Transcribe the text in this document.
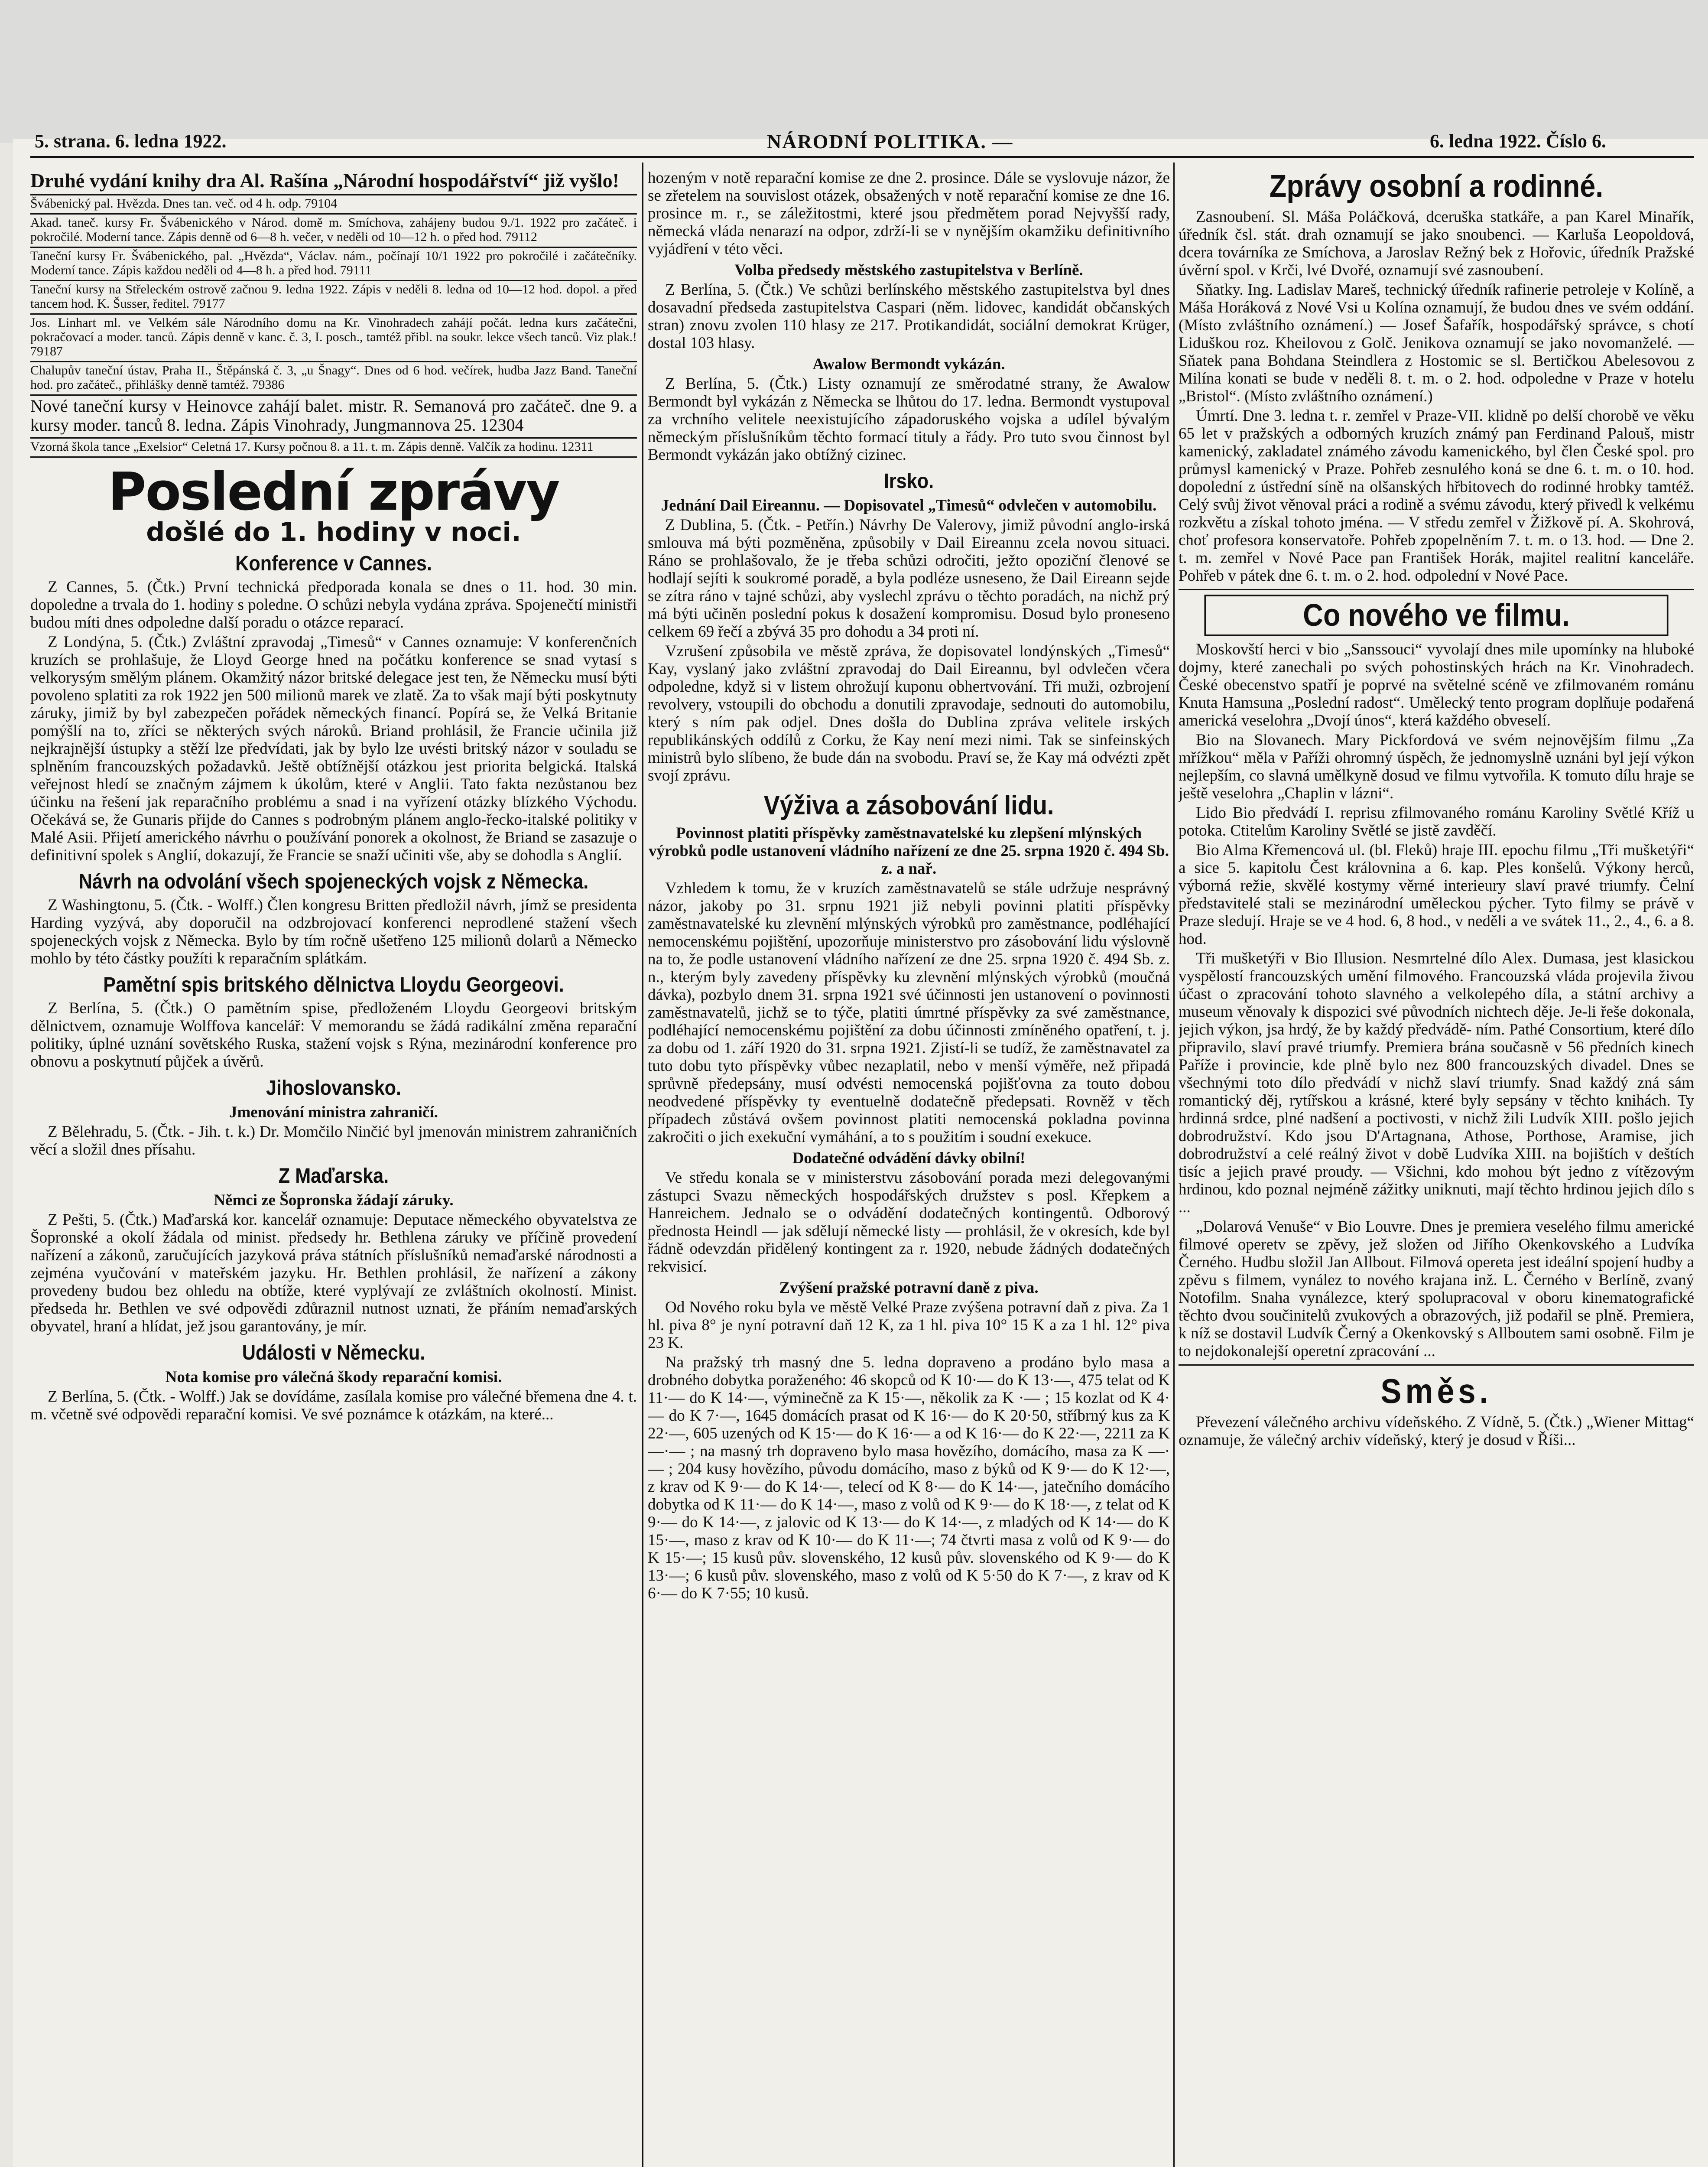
5. strana. 6. ledna 1922.	NÁRODNÍ POLITIKA. —	6. ledna 1922. Číslo 6.

Druhé vydání knihy dra Al. Rašína „Národní hospodářství“ již vyšlo!

Švábenický pal. Hvězda. Dnes tan. več. od 4 h. odp. 79104

Akad. taneč. kursy Fr. Švábenického v Národ. domě m. Smíchova, zahájeny budou 9./1. 1922 pro začáteč. i pokročilé. Moderní tance. Zápis denně od 6—8 h. večer, v neděli od 10—12 h. o před hod. 79112

Taneční kursy Fr. Švábenického, pal. „Hvězda“, Václav. nám., počínají 10/1 1922 pro pokročilé i začátečníky. Moderní tance. Zápis každou neděli od 4—8 h. a před hod. 79111

Taneční kursy na Střeleckém ostrově začnou 9. ledna 1922. Zápis v neděli 8. ledna od 10—12 hod. dopol. a před tancem hod. K. Šusser, ředitel. 79177

Jos. Linhart ml. ve Velkém sále Národního domu na Kr. Vinohradech zahájí počát. ledna kurs začátečni, pokračovací a moder. tanců. Zápis denně v kanc. č. 3, I. posch., tamtéž přibl. na soukr. lekce všech tanců. Viz plak.! 79187

Chalupův taneční ústav, Praha II., Štěpánská č. 3, „u Šnagy“. Dnes od 6 hod. večírek, hudba Jazz Band. Taneční hod. pro začáteč., přihlášky denně tamtéž. 79386

Nové taneční kursy v Heinovce zahájí balet. mistr. R. Semanová pro začáteč. dne 9. a kursy moder. tanců 8. ledna. Zápis Vinohrady, Jungmannova 25. 12304

Vzorná škola tance „Exelsior“ Celetná 17. Kursy počnou 8. a 11. t. m. Zápis denně. Valčík za hodinu. 12311

Poslední zprávy
došlé do 1. hodiny v noci.
Konference v Cannes.

Z Cannes, 5. (Čtk.) První technická předporada konala se dnes o 11. hod. 30 min. dopoledne a trvala do 1. hodiny s poledne. O schůzi nebyla vydána zpráva. Spojenečtí ministři budou míti dnes odpoledne další poradu o otázce reparací.

Z Londýna, 5. (Čtk.) Zvláštní zpravodaj „Timesů“ v Cannes oznamuje: V konferenčních kruzích se prohlašuje, že Lloyd George hned na počátku konference se snad vytasí s velkorysým smělým plánem. Okamžitý názor britské delegace jest ten, že Německu musí býti povoleno splatiti za rok 1922 jen 500 milionů marek ve zlatě. Za to však mají býti poskytnuty záruky, jimiž by byl zabezpečen pořádek německých financí. Popírá se, že Velká Britanie pomýšlí na to, zříci se některých svých nároků. Briand prohlásil, že Francie učinila již nejkrajnější ústupky a stěží lze předvídati, jak by bylo lze uvésti britský názor v souladu se splněním francouzských požadavků. Ještě obtížnější otázkou jest priorita belgická. Italská veřejnost hledí se značným zájmem k úkolům, které v Anglii. Tato fakta nezůstanou bez účinku na řešení jak reparačního problému a snad i na vyřízení otázky blízkého Východu. Očekává se, že Gunaris přijde do Cannes s podrobným plánem anglo-řecko-italské politiky v Malé Asii. Přijetí amerického návrhu o používání ponorek a okolnost, že Briand se zasazuje o definitivní spolek s Anglií, dokazují, že Francie se snaží učiniti vše, aby se dohodla s Anglií.

Návrh na odvolání všech spojeneckých vojsk z Německa.

Z Washingtonu, 5. (Čtk. - Wolff.) Člen kongresu Britten předložil návrh, jímž se presidenta Harding vyzývá, aby doporučil na odzbrojovací konferenci neprodlené stažení všech spojeneckých vojsk z Německa. Bylo by tím ročně ušetřeno 125 milionů dolarů a Německo mohlo by této částky použíti k reparačním splátkám.

Pamětní spis britského dělnictva Lloydu Georgeovi.

Z Berlína, 5. (Čtk.) O pamětním spise, předloženém Lloydu Georgeovi britským dělnictvem, oznamuje Wolffova kancelář: V memorandu se žádá radikální změna reparační politiky, úplné uznání sovětského Ruska, stažení vojsk s Rýna, mezinárodní konference pro obnovu a poskytnutí půjček a úvěrů.

Jihoslovansko.
Jmenování ministra zahraničí.

Z Bělehradu, 5. (Čtk. - Jih. t. k.) Dr. Momčilo Ninčić byl jmenován ministrem zahraničních věcí a složil dnes přísahu.

Z Maďarska.
Němci ze Šopronska žádají záruky.

Z Pešti, 5. (Čtk.) Maďarská kor. kancelář oznamuje: Deputace německého obyvatelstva ze Šopronské a okolí žádala od minist. předsedy hr. Bethlena záruky ve příčině provedení nařízení a zákonů, zaručujících jazyková práva státních příslušníků nemaďarské národnosti a zejména vyučování v mateřském jazyku. Hr. Bethlen prohlásil, že nařízení a zákony provedeny budou bez ohledu na obtíže, které vyplývají ze zvláštních okolností. Minist. předseda hr. Bethlen ve své odpovědi zdůraznil nutnost uznati, že přáním nemaďarských obyvatel, hraní a hlídat, jež jsou garantovány, je mír.

Události v Německu.
Nota komise pro válečná škody reparační komisi.

Z Berlína, 5. (Čtk. - Wolff.) Jak se dovídáme, zasílala komise pro válečné břemena dne 4. t. m. včetně své odpovědi reparační komisi. Ve své poznámce k otázkám, na které...

hozeným v notě reparační komise ze dne 2. prosince. Dále se vyslovuje názor, že se zřetelem na souvislost otázek, obsažených v notě reparační komise ze dne 16. prosince m. r., se záležitostmi, které jsou předmětem porad Nejvyšší rady, německá vláda nenarazí na odpor, zdrží-li se v nynějším okamžiku definitivního vyjádření v této věci.

Volba předsedy městského zastupitelstva v Berlíně.

Z Berlína, 5. (Čtk.) Ve schůzi berlínského městského zastupitelstva byl dnes dosavadní předseda zastupitelstva Caspari (něm. lidovec, kandidát občanských stran) znovu zvolen 110 hlasy ze 217. Protikandidát, sociální demokrat Krüger, dostal 103 hlasy.

Awalow Bermondt vykázán.

Z Berlína, 5. (Čtk.) Listy oznamují ze směrodatné strany, že Awalow Bermondt byl vykázán z Německa se lhůtou do 17. ledna. Bermondt vystupoval za vrchního velitele neexistujícího západoruského vojska a udílel bývalým německým příslušníkům těchto formací tituly a řády. Pro tuto svou činnost byl Bermondt vykázán jako obtížný cizinec.

Irsko.
Jednání Dail Eireannu. — Dopisovatel „Timesů“ odvlečen v automobilu.

Z Dublina, 5. (Čtk. - Petřín.) Návrhy De Valerovy, jimiž původní anglo-irská smlouva má býti pozměněna, způsobily v Dail Eireannu zcela novou situaci. Ráno se prohlašovalo, že je třeba schůzi odročiti, ježto opoziční členové se hodlají sejíti k soukromé poradě, a byla podléze usneseno, že Dail Eireann sejde se zítra ráno v tajné schůzi, aby vyslechl zprávu o těchto poradách, na nichž prý má býti učiněn poslední pokus k dosažení kompromisu. Dosud bylo proneseno celkem 69 řečí a zbývá 35 pro dohodu a 34 proti ní.

Vzrušení způsobila ve městě zpráva, že dopisovatel londýnských „Timesů“ Kay, vyslaný jako zvláštní zpravodaj do Dail Eireannu, byl odvlečen včera odpoledne, když si v listem ohrožují kuponu obhertvování. Tři muži, ozbrojení revolvery, vstoupili do obchodu a donutili zpravodaje, sednouti do automobilu, který s ním pak odjel. Dnes došla do Dublina zpráva velitele irských republikánských oddílů z Corku, že Kay není mezi nimi. Tak se sinfeinských ministrů bylo slíbeno, že bude dán na svobodu. Praví se, že Kay má odvézti zpět svojí zprávu.

Výživa a zásobování lidu.
Povinnost platiti příspěvky zaměstnavatelské ku zlepšení mlýnských výrobků podle ustanovení vládního nařízení ze dne 25. srpna 1920 č. 494 Sb. z. a nař.

Vzhledem k tomu, že v kruzích zaměstnavatelů se stále udržuje nesprávný názor, jakoby po 31. srpnu 1921 již nebyli povinni platiti příspěvky zaměstnavatelské ku zlevnění mlýnských výrobků pro zaměstnance, podléhající nemocenskému pojištění, upozorňuje ministerstvo pro zásobování lidu výslovně na to, že podle ustanovení vládního nařízení ze dne 25. srpna 1920 č. 494 Sb. z. n., kterým byly zavedeny příspěvky ku zlevnění mlýnských výrobků (moučná dávka), pozbylo dnem 31. srpna 1921 své účinnosti jen ustanovení o povinnosti zaměstnavatelů, jichž se to týče, platiti úmrtné příspěvky za své zaměstnance, podléhající nemocenskému pojištění za dobu účinnosti zmíněného opatření, t. j. za dobu od 1. září 1920 do 31. srpna 1921. Zjistí-li se tudíž, že zaměstnavatel za tuto dobu tyto příspěvky vůbec nezaplatil, nebo v menší výměře, než připadá sprůvně předepsány, musí odvésti nemocenská pojišťovna za touto dobou neodvedené příspěvky ty eventuelně dodatečně předepsati. Rovněž v těch případech zůstává ovšem povinnost platiti nemocenská pokladna povinna zakročiti o jich exekuční vymáhání, a to s použitím i soudní exekuce.

Dodatečné odvádění dávky obilní!

Ve středu konala se v ministerstvu zásobování porada mezi delegovanými zástupci Svazu německých hospodářských družstev s posl. Křepkem a Hanreichem. Jednalo se o odvádění dodatečných kontingentů. Odborový přednosta Heindl — jak sdělují německé listy — prohlásil, že v okresích, kde byl řádně odevzdán přidělený kontingent za r. 1920, nebude žádných dodatečných rekvisicí.

Zvýšení pražské potravní daně z piva.

Od Nového roku byla ve městě Velké Praze zvýšena potravní daň z piva. Za 1 hl. piva 8° je nyní potravní daň 12 K, za 1 hl. piva 10° 15 K a za 1 hl. 12° piva 23 K.

Na pražský trh masný dne 5. ledna dopraveno a prodáno bylo masa a drobného dobytka poraženého: 46 skopců od K 10·— do K 13·—, 475 telat od K 11·— do K 14·—, výminečně za K 15·—, několik za K ·— ; 15 kozlat od K 4·— do K 7·—, 1645 domácích prasat od K 16·— do K 20·50, stříbrný kus za K 22·—, 605 uzených od K 15·— do K 16·— a od K 16·— do K 22·—, 2211 za K —·— ; na masný trh dopraveno bylo masa hovězího, domácího, masa za K —·— ; 204 kusy hovězího, původu domácího, maso z býků od K 9·— do K 12·—, z krav od K 9·— do K 14·—, telecí od K 8·— do K 14·—, jatečního domácího dobytka od K 11·— do K 14·—, maso z volů od K 9·— do K 18·—, z telat od K 9·— do K 14·—, z jalovic od K 13·— do K 14·—, z mladých od K 14·— do K 15·—, maso z krav od K 10·— do K 11·—; 74 čtvrti masa z volů od K 9·— do K 15·—; 15 kusů pův. slovenského, 12 kusů pův. slovenského od K 9·— do K 13·—; 6 kusů pův. slovenského, maso z volů od K 5·50 do K 7·—, z krav od K 6·— do K 7·55; 10 kusů.

Zprávy osobní a rodinné.

Zasnoubení. Sl. Máša Poláčková, dceruška statkáře, a pan Karel Minařík, úředník čsl. stát. drah oznamují se jako snoubenci. — Karluša Leopoldová, dcera továrníka ze Smíchova, a Jaroslav Režný bek z Hořovic, úředník Pražské úvěrní spol. v Krči, lvé Dvořé, oznamují své zasnoubení.

Sňatky. Ing. Ladislav Mareš, technický úředník rafinerie petroleje v Kolíně, a Máša Horáková z Nové Vsi u Kolína oznamují, že budou dnes ve svém oddání. (Místo zvláštního oznámení.) — Josef Šafařík, hospodářský správce, s chotí Liduškou roz. Kheilovou z Golč. Jenikova oznamují se jako novomanželé. — Sňatek pana Bohdana Steindlera z Hostomic se sl. Bertičkou Abelesovou z Milína konati se bude v neděli 8. t. m. o 2. hod. odpoledne v Praze v hotelu „Bristol“. (Místo zvláštního oznámení.)

Úmrtí. Dne 3. ledna t. r. zemřel v Praze-VII. klidně po delší chorobě ve věku 65 let v pražských a odborných kruzích známý pan Ferdinand Palouš, mistr kamenický, zakladatel známého závodu kamenického, byl člen České spol. pro průmysl kamenický v Praze. Pohřeb zesnulého koná se dne 6. t. m. o 10. hod. dopolední z ústřední síně na olšanských hřbitovech do rodinné hrobky tamtéž. Celý svůj život věnoval práci a rodině a svému závodu, který přivedl k velkému rozkvětu a získal tohoto jména. — V středu zemřel v Žižkově pí. A. Skohrová, choť profesora konservatoře. Pohřeb zpopelněním 7. t. m. o 13. hod. — Dne 2. t. m. zemřel v Nové Pace pan František Horák, majitel realitní kanceláře. Pohřeb v pátek dne 6. t. m. o 2. hod. odpolední v Nové Pace.

Co nového ve filmu.

Moskovští herci v bio „Sanssouci“ vyvolají dnes mile upomínky na hluboké dojmy, které zanechali po svých pohostinských hrách na Kr. Vinohradech. České obecenstvo spatří je poprvé na světelné scéně ve zfilmovaném románu Knuta Hamsuna „Poslední radost“. Umělecký tento program doplňuje podařená americká veselohra „Dvojí únos“, která každého obveselí.

Bio na Slovanech. Mary Pickfordová ve svém nejnovějším filmu „Za mřížkou“ měla v Paříži ohromný úspěch, že jednomyslně uznáni byl její výkon nejlepším, co slavná umělkyně dosud ve filmu vytvořila. K tomuto dílu hraje se ještě veselohra „Chaplin v lázni“.

Lido Bio předvádí I. reprisu zfilmovaného románu Karoliny Světlé Kříž u potoka. Ctitelům Karoliny Světlé se jistě zavděčí.

Bio Alma Křemencová ul. (bl. Fleků) hraje III. epochu filmu „Tři mušketýři“ a sice 5. kapitolu Čest královnina a 6. kap. Ples konšelů. Výkony herců, výborná režie, skvělé kostymy věrné interieury slaví pravé triumfy. Čelní představitelé stali se mezinárodní uměleckou pýcher. Tyto filmy se právě v Praze sledují. Hraje se ve 4 hod. 6, 8 hod., v neděli a ve svátek 11., 2., 4., 6. a 8. hod.

Tři mušketýři v Bio Illusion. Nesmrtelné dílo Alex. Dumasa, jest klasickou vyspělostí francouzských umění filmového. Francouzská vláda projevila živou účast o zpracování tohoto slavného a velkolepého díla, a státní archivy a museum věnovaly k dispozici své původních nichtech děje. Je-li řeše dokonala, jejich výkon, jsa hrdý, že by každý předvádě- ním. Pathé Consortium, které dílo připravilo, slaví pravé triumfy. Premiera brána současně v 56 předních kinech Paříže i provincie, kde plně bylo nez 800 francouzských divadel. Dnes se všechnými toto dílo předvádí v nichž slaví triumfy. Snad každý zná sám romantický děj, rytířskou a krásné, které byly sepsány v těchto knihách. Ty hrdinná srdce, plné nadšení a poctivosti, v nichž žili Ludvík XIII. pošlo jejich dobrodružství. Kdo jsou D'Artagnana, Athose, Porthose, Aramise, jich dobrodružství a celé reálný život v době Ludvíka XIII. na bojištích v deštích tisíc a jejich pravé proudy. — Všichni, kdo mohou být jedno z vítězovým hrdinou, kdo poznal nejméně zážitky uniknuti, mají těchto hrdinou jejich dílo s ...

„Dolarová Venuše“ v Bio Louvre. Dnes je premiera veselého filmu americké filmové operetv se zpěvy, jež složen od Jiřího Okenkovského a Ludvíka Černého. Hudbu složil Jan Allbout. Filmová opereta jest ideální spojení hudby a zpěvu s filmem, vynález to nového krajana inž. L. Černého v Berlíně, zvaný Notofilm. Snaha vynálezce, který spolupracoval v oboru kinematografické těchto dvou součinitelů zvukových a obrazových, již podařil se plně. Premiera, k níž se dostavil Ludvík Černý a Okenkovský s Allboutem sami osobně. Film je to nejdokonalejší operetní zpracování ...

Směs.

Převezení válečného archivu vídeňského. Z Vídně, 5. (Čtk.) „Wiener Mittag“ oznamuje, že válečný archiv vídeňský, který je dosud v Říši...
